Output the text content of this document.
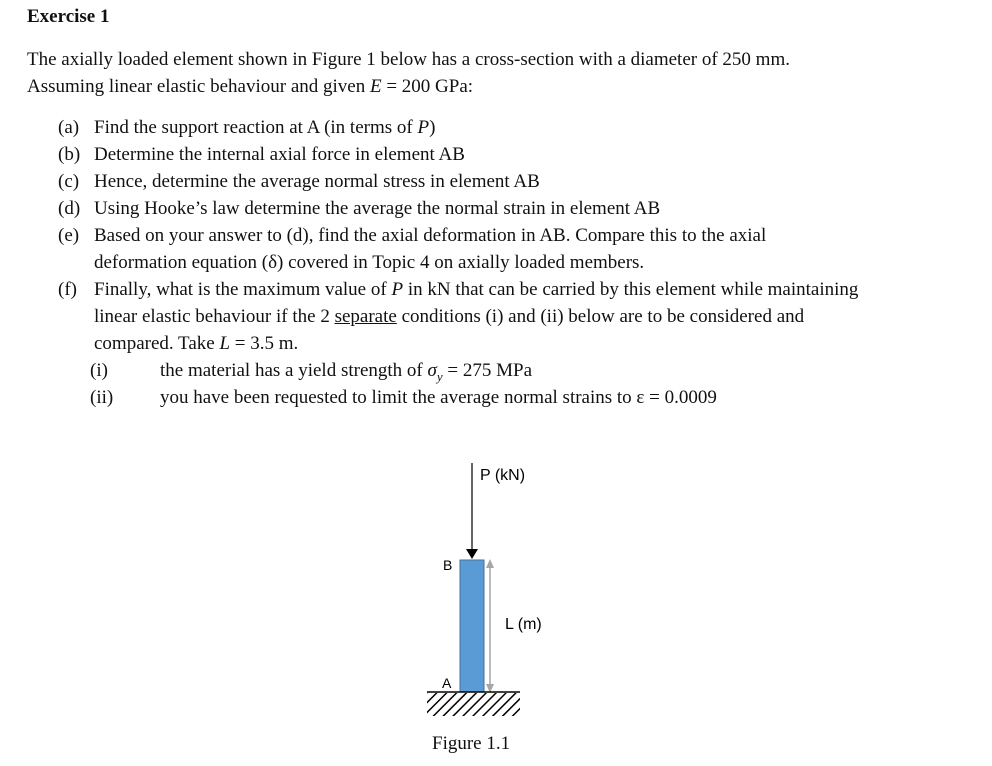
Exercise 1
The axially loaded element shown in Figure 1 below has a cross-section with a diameter of 250 mm.
Assuming linear elastic behaviour and given E = 200 GPa:
(a) Find the support reaction at A (in terms of P)
(b) Determine the internal axial force in element AB
(c) Hence, determine the average normal stress in element AB
(d) Using Hooke’s law determine the average the normal strain in element AB
(e) Based on your answer to (d), find the axial deformation in AB. Compare this to the axial
deformation equation (δ) covered in Topic 4 on axially loaded members.
(f) Finally, what is the maximum value of P in kN that can be carried by this element while maintaining
linear elastic behaviour if the 2 separate conditions (i) and (ii) below are to be considered and
compared. Take L = 3.5 m.
(i)	the material has a yield strength of $\sigma_y = 275$ MPa
(ii)	you have been requested to limit the average normal strains to ε = 0.0009
P (kN)
B
A
L (m)
Figure 1.1
